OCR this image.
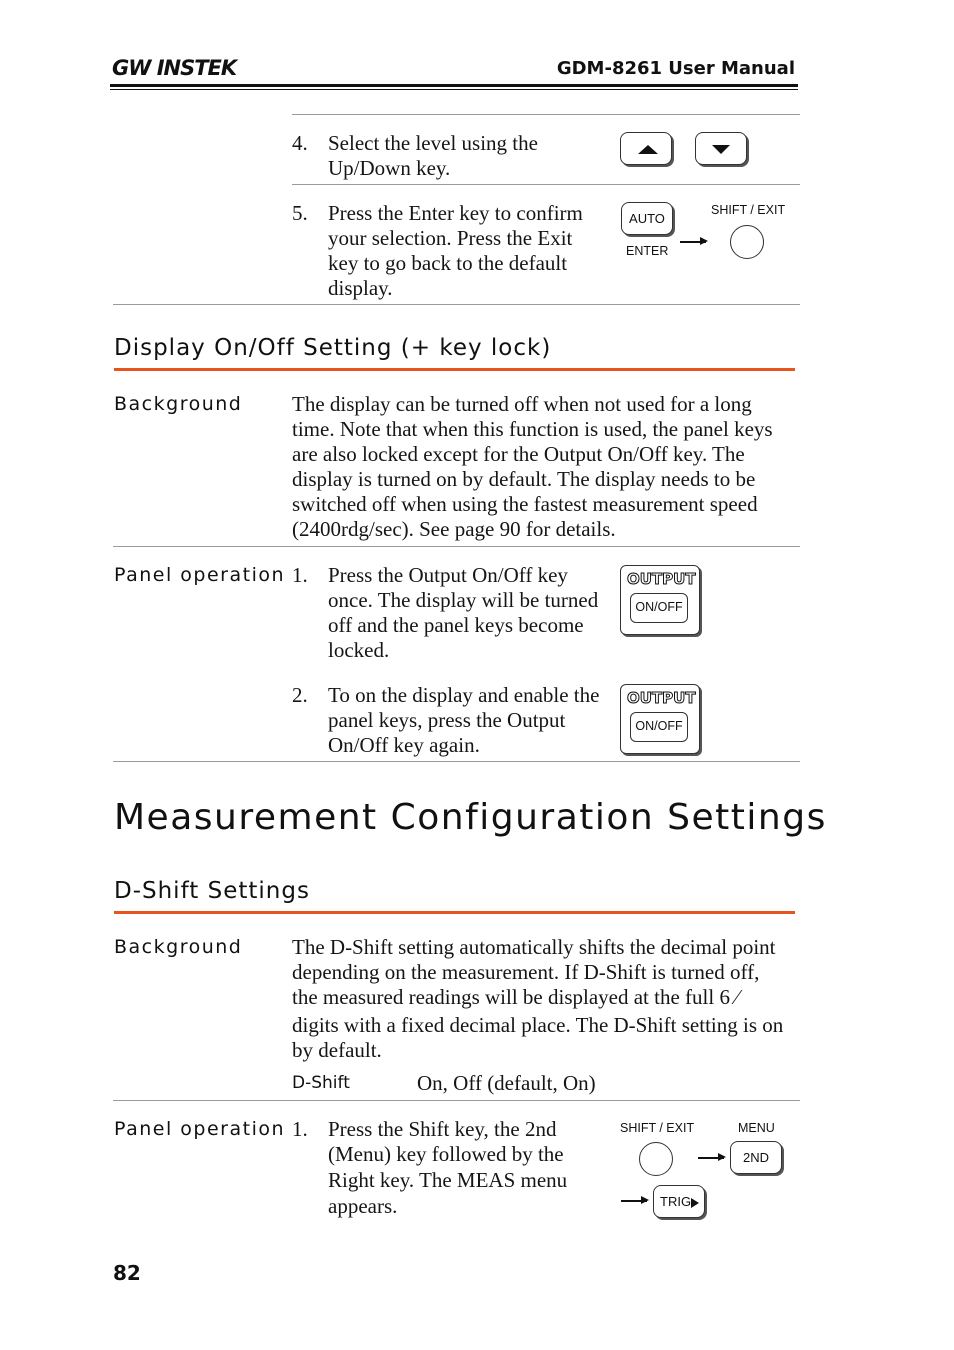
GW INSTEK	GDM-8261 User Manual
4. Select the level using the
Up/Down key.
5. Press the Enter key to confirm
your selection. Press the Exit
key to go back to the default
display.
AUTO
ENTER
SHIFT / EXIT
Display On/Off Setting (+ key lock)
Background The display can be turned off when not used for a long
time. Note that when this function is used, the panel keys
are also locked except for the Output On/Off key. The
display is turned on by default. The display needs to be
switched off when using the fastest measurement speed
(2400rdg/sec). See page 90 for details.
Panel operation 1. Press the Output On/Off key
once. The display will be turned
off and the panel keys become
locked.
OUTPUT
ON/OFF
2. To on the display and enable the
panel keys, press the Output
On/Off key again.
OUTPUT
ON/OFF
Measurement Configuration Settings
D-Shift Settings
Background The D-Shift setting automatically shifts the decimal point
depending on the measurement. If D-Shift is turned off,
the measured readings will be displayed at the full 6 ⁄
digits with a fixed decimal place. The D-Shift setting is on
by default.
D-Shift	On, Off (default, On)
Panel operation 1. Press the Shift key, the 2nd
(Menu) key followed by the
Right key. The MEAS menu
appears.
SHIFT / EXIT	MENU
2ND
TRIG
82
